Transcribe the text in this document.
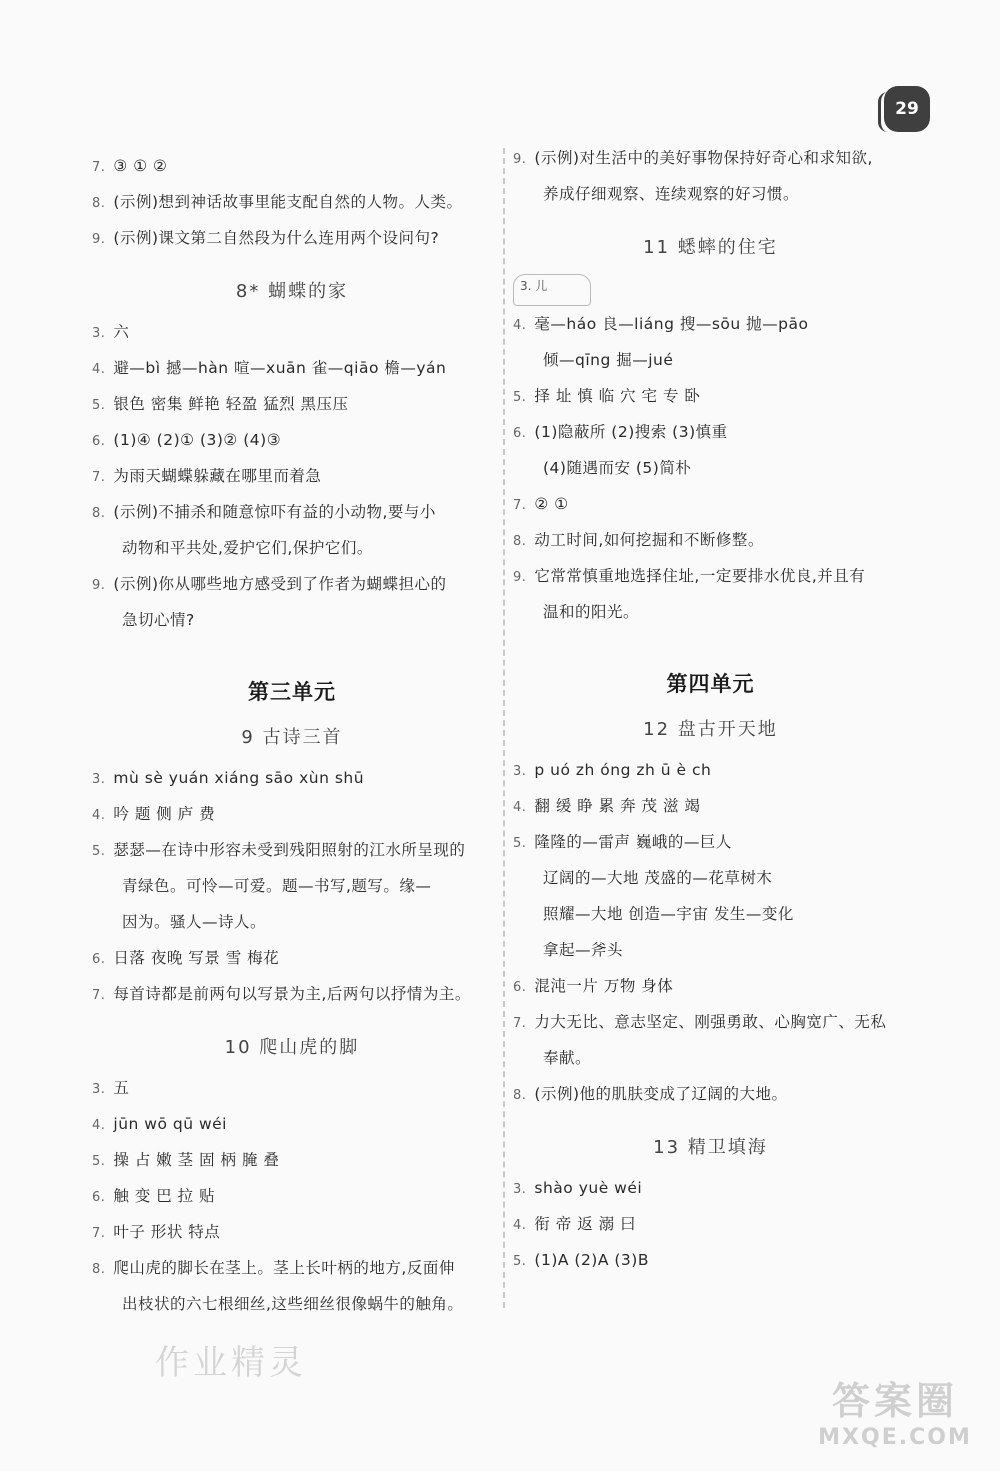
29
7. ③ ① ②
8. (示例)想到神话故事里能支配自然的人物。人类。
9. (示例)课文第二自然段为什么连用两个设问句?
8* 蝴蝶的家
3. 六
4. 避—bì 撼—hàn 喧—xuān 雀—qiāo 檐—yán
5. 银色 密集 鲜艳 轻盈 猛烈 黑压压
6. (1)④ (2)① (3)② (4)③
7. 为雨天蝴蝶躲藏在哪里而着急
8. (示例)不捕杀和随意惊吓有益的小动物,要与小
动物和平共处,爱护它们,保护它们。
9. (示例)你从哪些地方感受到了作者为蝴蝶担心的
急切心情?
第三单元
9 古诗三首
3. mù sè yuán xiáng sāo xùn shū
4. 吟 题 侧 庐 费
5. 瑟瑟—在诗中形容未受到残阳照射的江水所呈现的
青绿色。可怜—可爱。题—书写,题写。缘—
因为。骚人—诗人。
6. 日落 夜晚 写景 雪 梅花
7. 每首诗都是前两句以写景为主,后两句以抒情为主。
10 爬山虎的脚
3. 五
4. jūn wō qū wéi
5. 操 占 嫩 茎 固 柄 腌 叠
6. 触 变 巴 拉 贴
7. 叶子 形状 特点
8. 爬山虎的脚长在茎上。茎上长叶柄的地方,反面伸
出枝状的六七根细丝,这些细丝很像蜗牛的触角。
9. (示例)对生活中的美好事物保持好奇心和求知欲,
养成仔细观察、连续观察的好习惯。
11 蟋蟀的住宅
4. 毫—háo 良—liáng 搜—sōu 抛—pāo
倾—qīng 掘—jué
5. 择 址 慎 临 穴 宅 专 卧
6. (1)隐蔽所 (2)搜索 (3)慎重
(4)随遇而安 (5)简朴
7. ② ①
8. 动工时间,如何挖掘和不断修整。
9. 它常常慎重地选择住址,一定要排水优良,并且有
温和的阳光。
第四单元
12 盘古开天地
3. p uó zh óng zh ū è ch
4. 翻 缓 睁 累 奔 茂 滋 竭
5. 隆隆的—雷声 巍峨的—巨人
辽阔的—大地 茂盛的—花草树木
照耀—大地 创造—宇宙 发生—变化
拿起—斧头
6. 混沌一片 万物 身体
7. 力大无比、意志坚定、刚强勇敢、心胸宽广、无私
奉献。
8. (示例)他的肌肤变成了辽阔的大地。
13 精卫填海
3. shào yuè wéi
4. 衔 帝 返 溺 曰
5. (1)A (2)A (3)B
3. 儿
作业精灵
答案圈
MXQE.COM
